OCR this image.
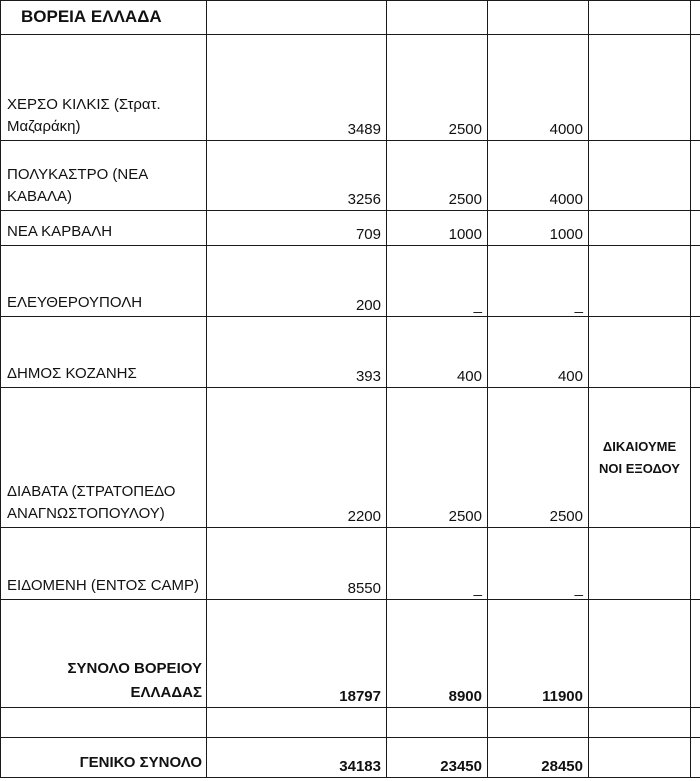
ΒΟΡΕΙΑ ΕΛΛΑΔΑ					
ΧΕΡΣΟ ΚΙΛΚΙΣ (Στρατ. Μαζαράκη)	3489	2500	4000		
ΠΟΛΥΚΑΣΤΡΟ (ΝΕΑ ΚΑΒΑΛΑ)	3256	2500	4000		
ΝΕΑ ΚΑΡΒΑΛΗ	709	1000	1000		
ΕΛΕΥΘΕΡΟΥΠΟΛΗ	200	_	_		
ΔΗΜΟΣ ΚΟΖΑΝΗΣ	393	400	400		
ΔΙΑΒΑΤΑ (ΣΤΡΑΤΟΠΕΔΟ ΑΝΑΓΝΩΣΤΟΠΟΥΛΟΥ)	2200	2500	2500	ΔΙΚΑΙΟΥΜΕ ΝΟΙ ΕΞΟΔΟΥ	
ΕΙΔΟΜΕΝΗ (ΕΝΤΟΣ CAMP)	8550	_	_		
ΣΥΝΟΛΟ ΒΟΡΕΙΟΥ ΕΛΛΑΔΑΣ	18797	8900	11900		

ΓΕΝΙΚΟ ΣΥΝΟΛΟ	34183	23450	28450		
